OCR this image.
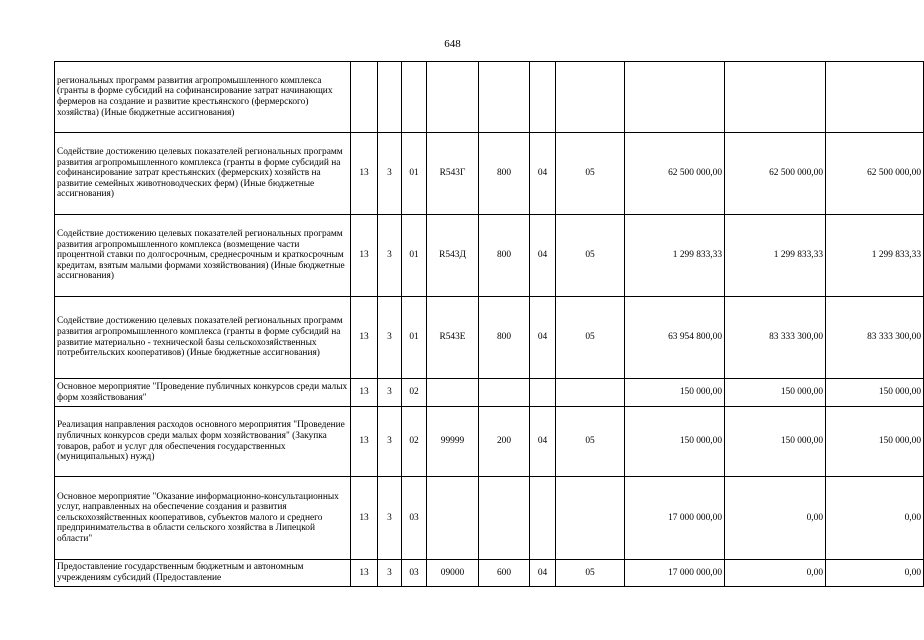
648
региональных программ развития агропромышленного комплекса (гранты в форме субсидий на софинансирование затрат начинающих фермеров на создание и развитие крестьянского (фермерского) хозяйства) (Иные бюджетные ассигнования)										
Содействие достижению целевых показателей региональных программ развития агропромышленного комплекса (гранты в форме субсидий на софинансирование затрат крестьянских (фермерских) хозяйств на развитие семейных животноводческих ферм) (Иные бюджетные ассигнования)	13	3	01	R543Г	800	04	05	62 500 000,00	62 500 000,00	62 500 000,00
Содействие достижению целевых показателей региональных программ развития агропромышленного комплекса (возмещение части процентной ставки по долгосрочным, среднесрочным и краткосрочным кредитам, взятым малыми формами хозяйствования) (Иные бюджетные ассигнования)	13	3	01	R543Д	800	04	05	1 299 833,33	1 299 833,33	1 299 833,33
Содействие достижению целевых показателей региональных программ развития агропромышленного комплекса (гранты в форме субсидий на развитие материально - технической базы сельскохозяйственных потребительских кооперативов) (Иные бюджетные ассигнования)	13	3	01	R543Е	800	04	05	63 954 800,00	83 333 300,00	83 333 300,00
Основное мероприятие "Проведение публичных конкурсов среди малых форм хозяйствования"	13	3	02					150 000,00	150 000,00	150 000,00
Реализация направления расходов основного мероприятия "Проведение публичных конкурсов среди малых форм хозяйствования" (Закупка товаров, работ и услуг для обеспечения государственных (муниципальных) нужд)	13	3	02	99999	200	04	05	150 000,00	150 000,00	150 000,00
Основное мероприятие "Оказание информационно-консультационных услуг, направленных на обеспечение создания и развития сельскохозяйственных кооперативов, субъектов малого и среднего предпринимательства в области сельского хозяйства в Липецкой области"	13	3	03					17 000 000,00	0,00	0,00
Предоставление государственным бюджетным и автономным учреждениям субсидий (Предоставление	13	3	03	09000	600	04	05	17 000 000,00	0,00	0,00
